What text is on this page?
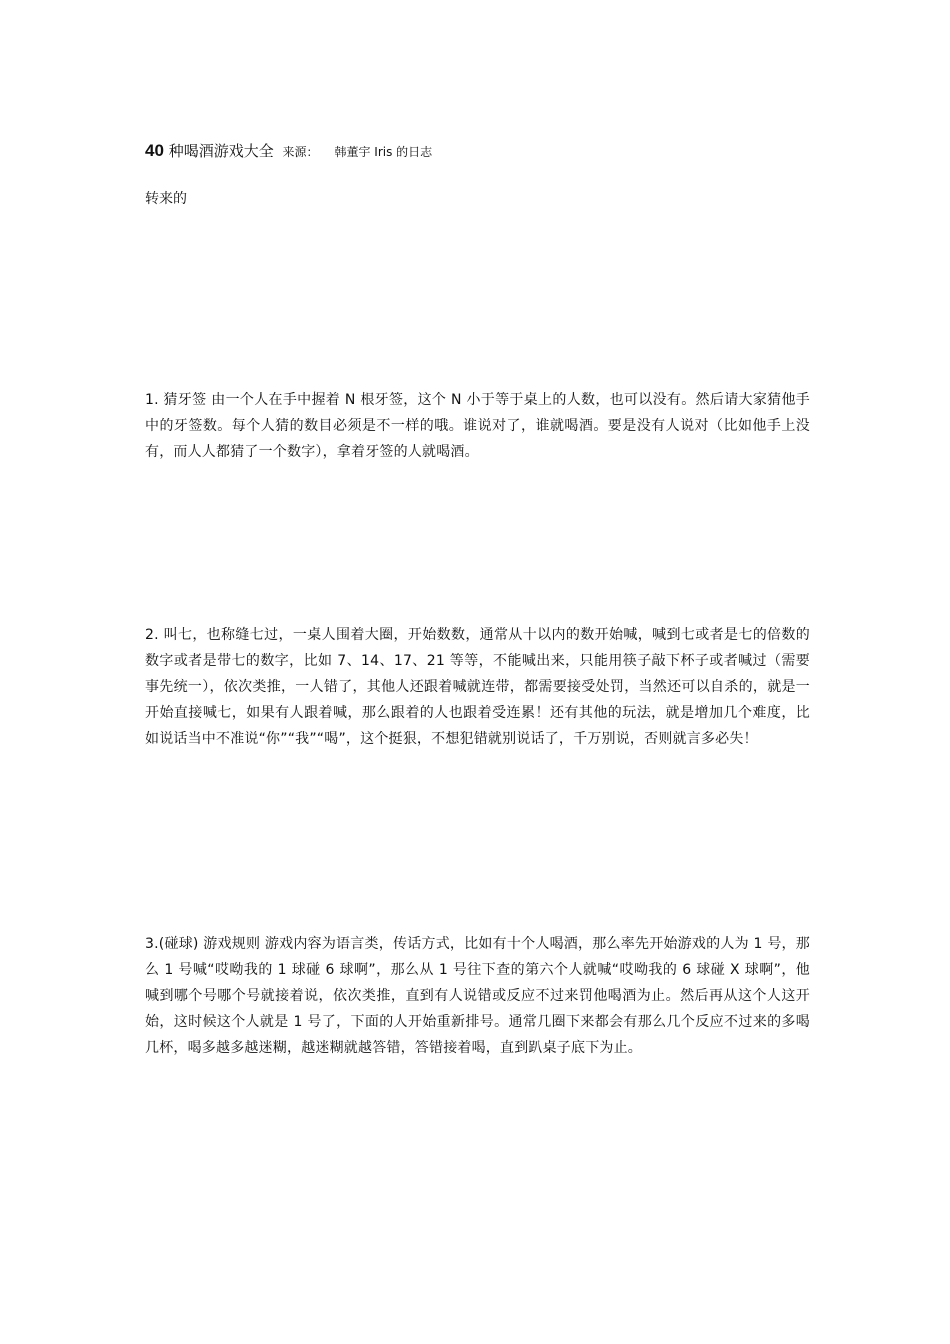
40 种喝酒游戏大全 来源： 韩董宇 Iris 的日志
转来的

1. 猜牙签 由一个人在手中握着 N 根牙签，这个 N 小于等于桌上的人数，也可以没有。然后请大家猜他手中的牙签数。每个人猜的数目必须是不一样的哦。谁说对了，谁就喝酒。要是没有人说对（比如他手上没有，而人人都猜了一个数字），拿着牙签的人就喝酒。

2. 叫七，也称缝七过，一桌人围着大圈，开始数数，通常从十以内的数开始喊，喊到七或者是七的倍数的数字或者是带七的数字，比如 7、14、17、21 等等，不能喊出来，只能用筷子敲下杯子或者喊过（需要事先统一），依次类推，一人错了，其他人还跟着喊就连带，都需要接受处罚，当然还可以自杀的，就是一开始直接喊七，如果有人跟着喊，那么跟着的人也跟着受连累！还有其他的玩法，就是增加几个难度，比如说话当中不准说“你”“我”“喝”，这个挺狠，不想犯错就别说话了，千万别说，否则就言多必失！

3.(碰球) 游戏规则 游戏内容为语言类，传话方式，比如有十个人喝酒，那么率先开始游戏的人为 1 号，那么 1 号喊“哎呦我的 1 球碰 6 球啊”，那么从 1 号往下查的第六个人就喊“哎呦我的 6 球碰 X 球啊”，他喊到哪个号哪个号就接着说，依次类推，直到有人说错或反应不过来罚他喝酒为止。然后再从这个人这开始，这时候这个人就是 1 号了，下面的人开始重新排号。通常几圈下来都会有那么几个反应不过来的多喝几杯，喝多越多越迷糊，越迷糊就越答错，答错接着喝，直到趴桌子底下为止。
